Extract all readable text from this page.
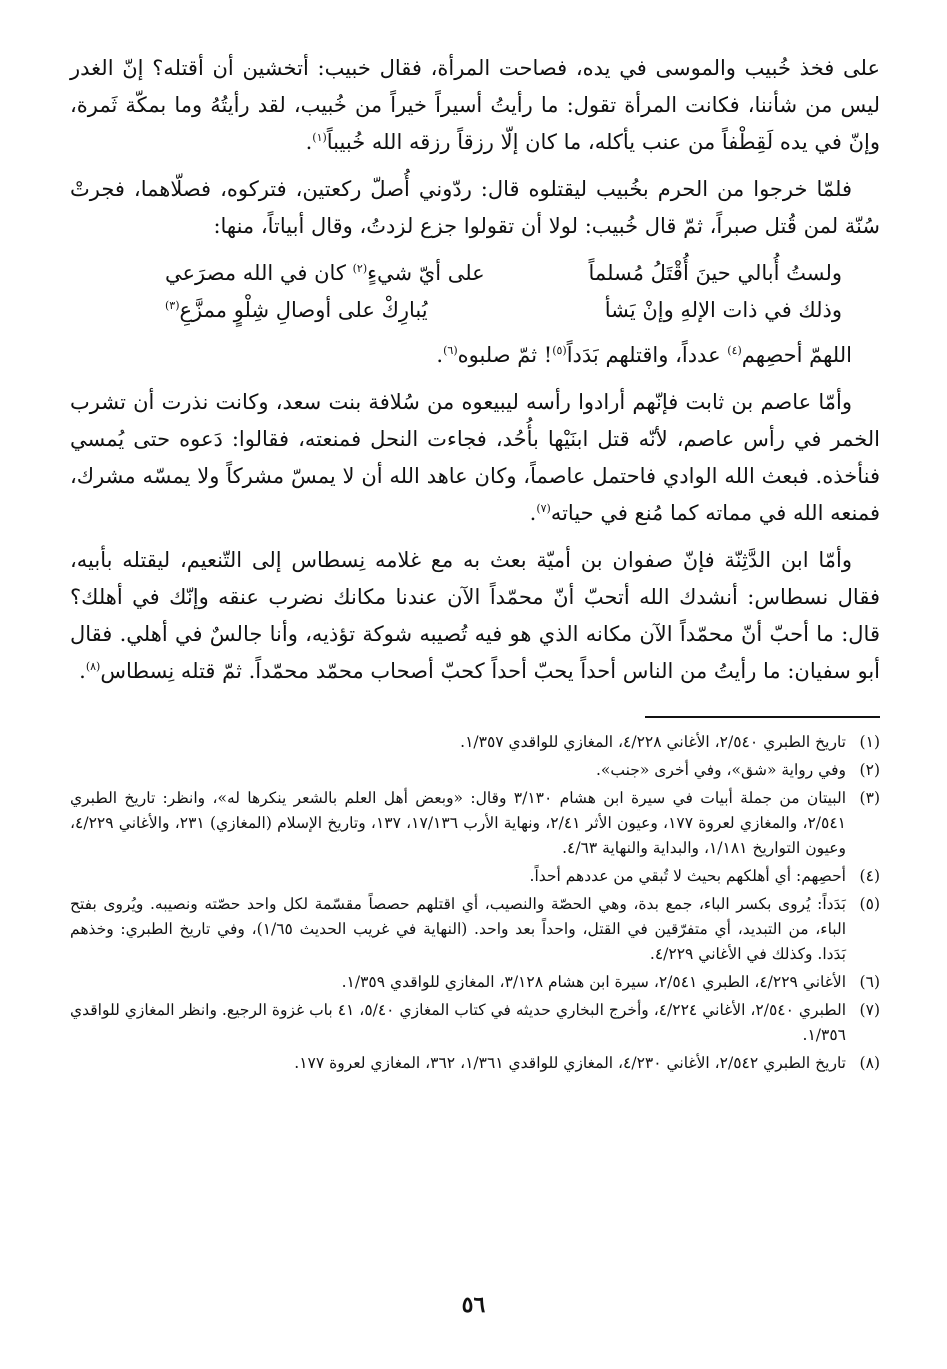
على فخذ خُبيب والموسى في يده، فصاحت المرأة، فقال خبيب: أتخشين أن أقتله؟ إنّ الغدر ليس من شأننا، فكانت المرأة تقول: ما رأيتُ أسيراً خيراً من خُبيب، لقد رأيتُهُ وما بمكّة ثَمرة، وإنّ في يده لَقِطْفاً من عنب يأكله، ما كان إلّا رزقاً رزقه الله خُبيباً$^{(١)}$.

فلمّا خرجوا من الحرم بخُبيب ليقتلوه قال: ردّوني أُصلّ ركعتين، فتركوه، فصلّاهما، فجرتْ سُنّة لمن قُتل صبراً، ثمّ قال خُبيب: لولا أن تقولوا جزع لزدتُ، وقال أبياتاً، منها:

ولستُ أُبالي حينَ أُقْتَلُ مُسلماً
على أيّ شيءٍ$^{(٢)}$ كان في الله مصرَعي
وذلك في ذات الإلهِ وإنْ يَشأ
يُبارِكْ على أوصالِ شِلْوٍ ممزَّعِ$^{(٣)}$

اللهمّ أحصِهم$^{(٤)}$ عدداً، واقتلهم بَدَداً$^{(٥)}$! ثمّ صلبوه$^{(٦)}$.

وأمّا عاصم بن ثابت فإنّهم أرادوا رأسه ليبيعوه من سُلافة بنت سعد، وكانت نذرت أن تشرب الخمر في رأس عاصم، لأنّه قتل ابنَيْها بأُحُد، فجاءت النحل فمنعته، فقالوا: دَعوه حتى يُمسي فنأخذه. فبعث الله الوادي فاحتمل عاصماً، وكان عاهد الله أن لا يمسّ مشركاً ولا يمسّه مشرك، فمنعه الله في مماته كما مُنع في حياته$^{(٧)}$.

وأمّا ابن الدَّثِنّة فإنّ صفوان بن أميّة بعث به مع غلامه نِسطاس إلى التّنعيم، ليقتله بأبيه، فقال نسطاس: أنشدك الله أتحبّ أنّ محمّداً الآن عندنا مكانك نضرب عنقه وإنّك في أهلك؟ قال: ما أحبّ أنّ محمّداً الآن مكانه الذي هو فيه تُصيبه شوكة تؤذيه، وأنا جالسٌ في أهلي. فقال أبو سفيان: ما رأيتُ من الناس أحداً يحبّ أحداً كحبّ أصحاب محمّد محمّداً. ثمّ قتله نِسطاس$^{(٨)}$.

(١)
تاريخ الطبري ٢/٥٤٠، الأغاني ٤/٢٢٨، المغازي للواقدي ١/٣٥٧.
(٢)
وفي رواية «شق»، وفي أخرى «جنب».
(٣)
البيتان من جملة أبيات في سيرة ابن هشام ٣/١٣٠ وقال: «وبعض أهل العلم بالشعر ينكرها له»، وانظر: تاريخ الطبري ٢/٥٤١، والمغازي لعروة ١٧٧، وعيون الأثر ٢/٤١، ونهاية الأرب ١٧/١٣٦، ١٣٧، وتاريخ الإسلام (المغازي) ٢٣١، والأغاني ٤/٢٢٩، وعيون التواريخ ١/١٨١، والبداية والنهاية ٤/٦٣.
(٤)
أحصِهم: أي أهلكهم بحيث لا تُبقي من عددهم أحداً.
(٥)
بَدَداً: يُروى بكسر الباء، جمع بدة، وهي الحصّة والنصيب، أي اقتلهم حصصاً مقسّمة لكل واحد حصّته ونصيبه. ويُروى بفتح الباء، من التبديد، أي متفرّقين في القتل، واحداً بعد واحد. (النهاية في غريب الحديث ١/٦٥)، وفي تاريخ الطبري: وخذهم بَدَدا. وكذلك في الأغاني ٤/٢٢٩.
(٦)
الأغاني ٤/٢٢٩، الطبري ٢/٥٤١، سيرة ابن هشام ٣/١٢٨، المغازي للواقدي ١/٣٥٩.
(٧)
الطبري ٢/٥٤٠، الأغاني ٤/٢٢٤، وأخرج البخاري حديثه في كتاب المغازي ٥/٤٠، ٤١ باب غزوة الرجيع. وانظر المغازي للواقدي ١/٣٥٦.
(٨)
تاريخ الطبري ٢/٥٤٢، الأغاني ٤/٢٣٠، المغازي للواقدي ١/٣٦١، ٣٦٢، المغازي لعروة ١٧٧.
٥٦
